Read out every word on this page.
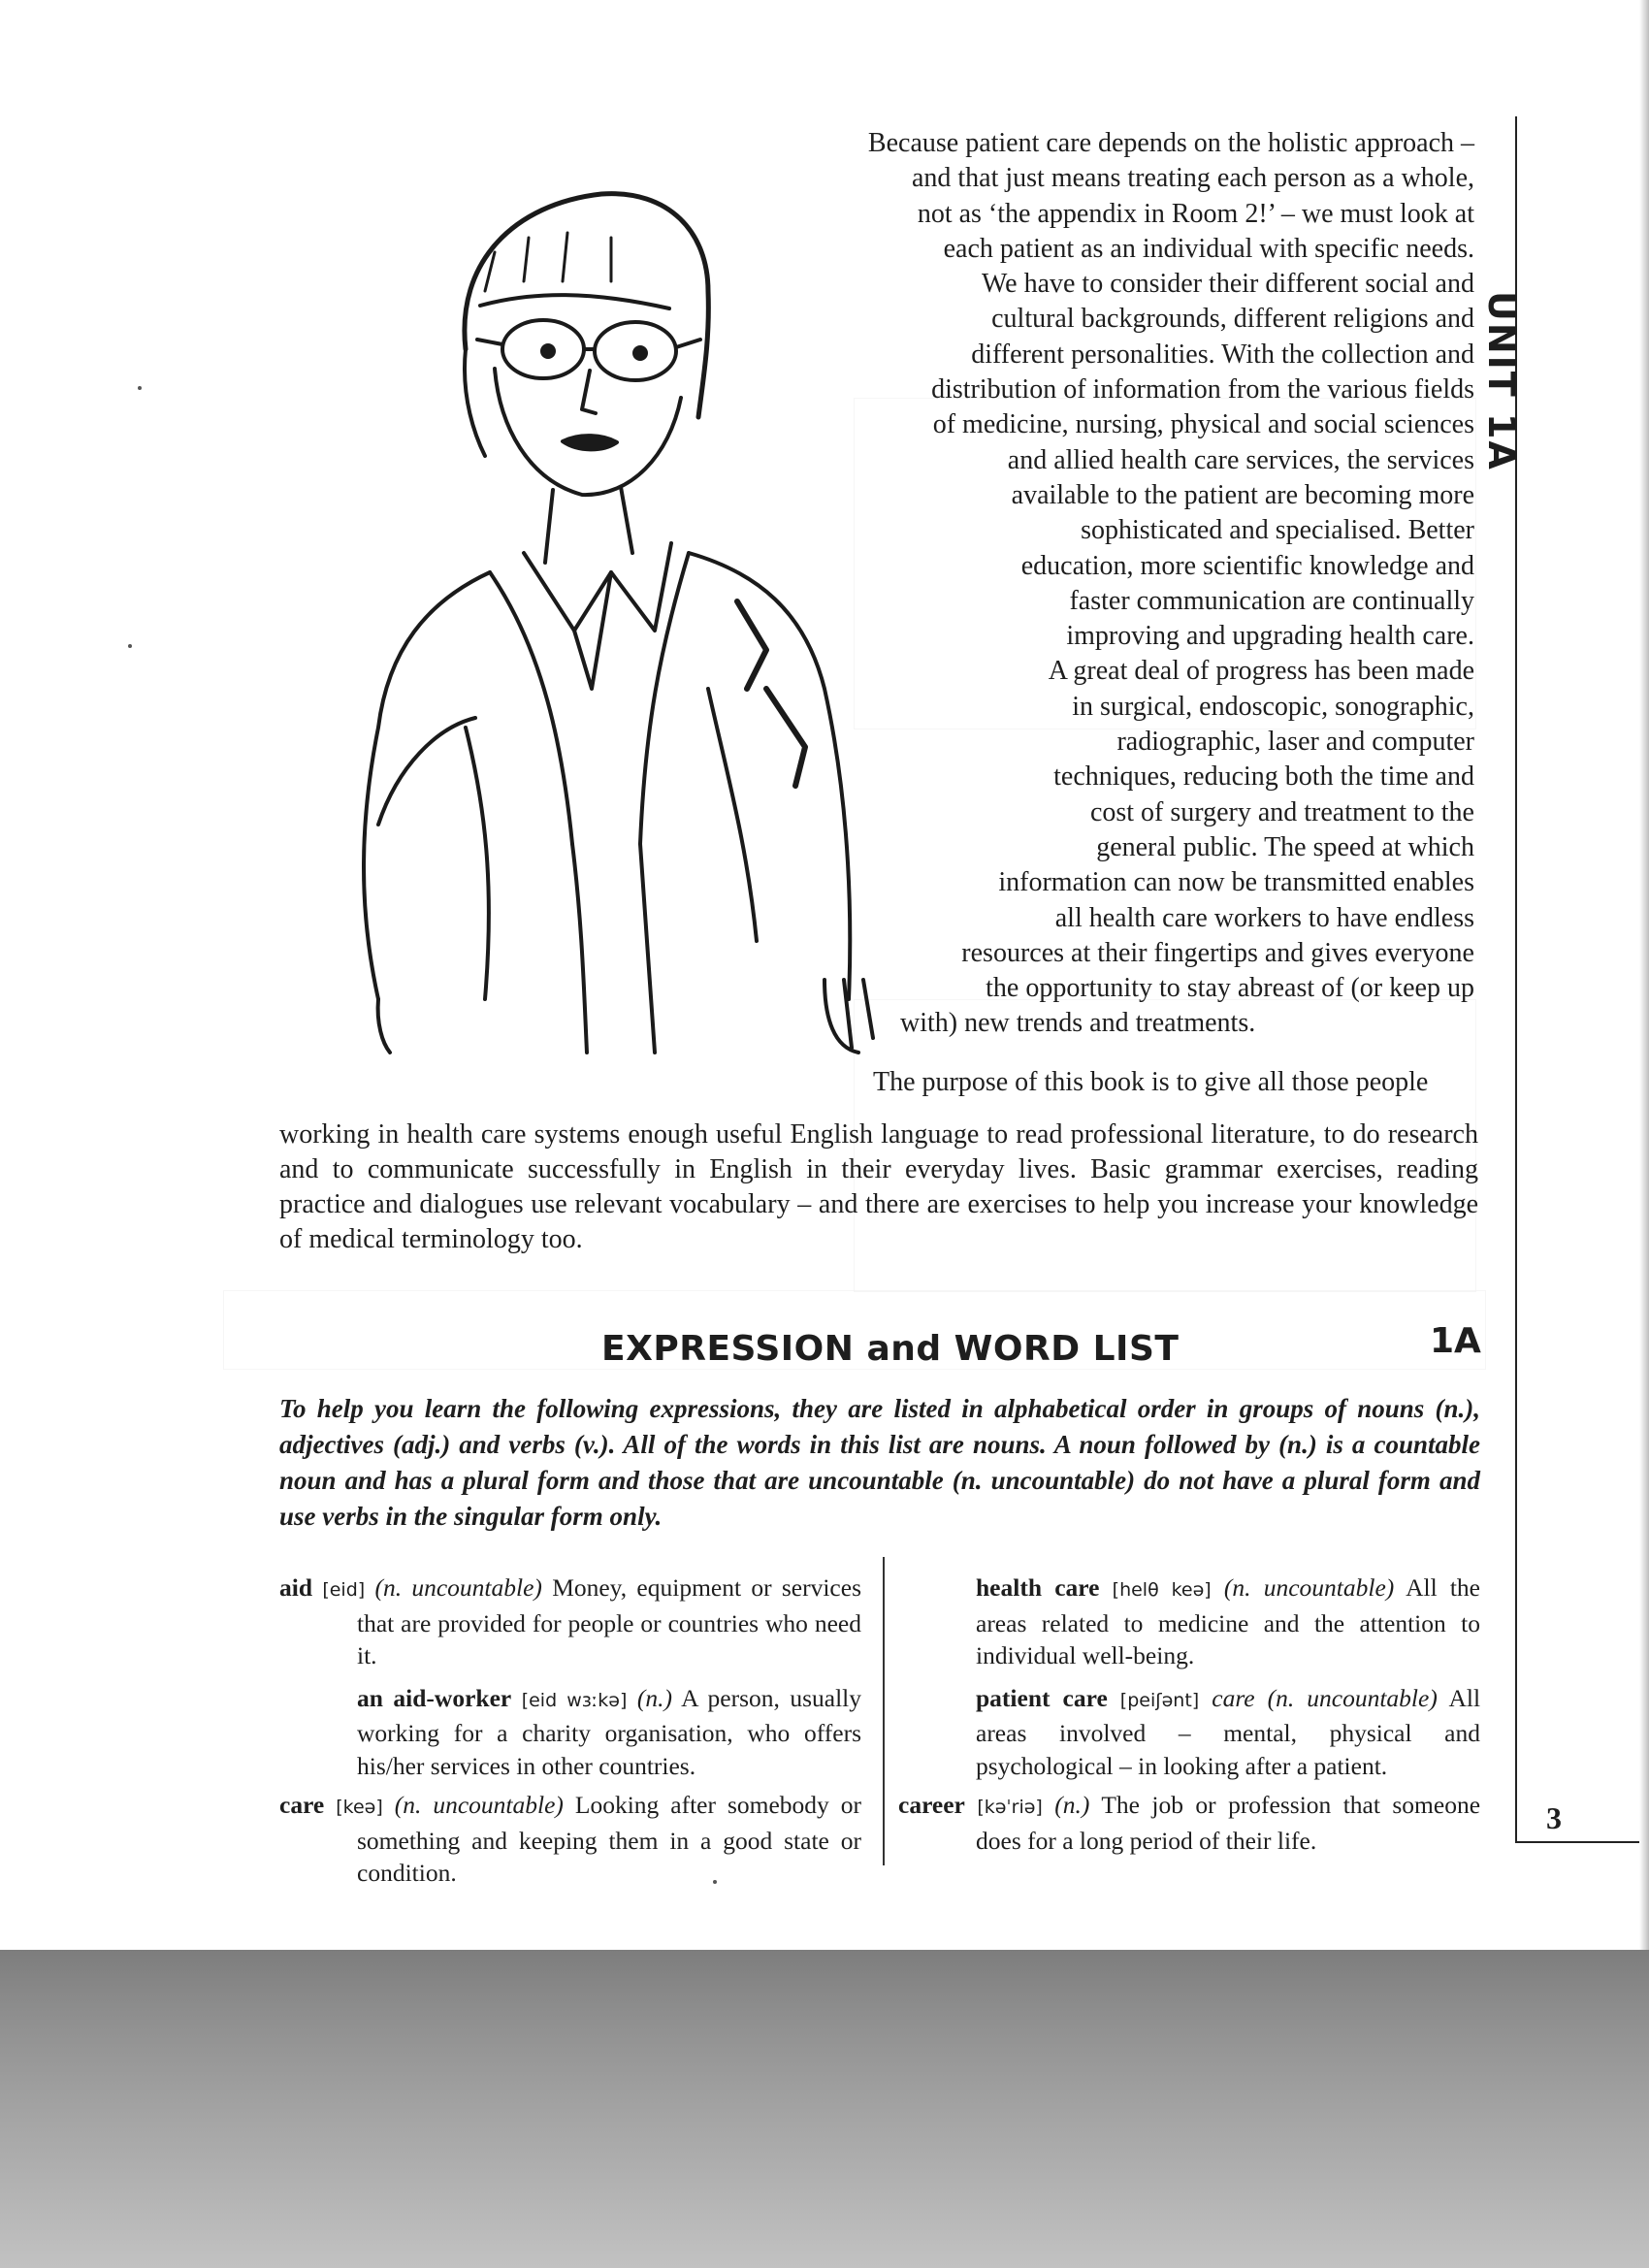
Because patient care depends on the holistic approach –
and that just means treating each person as a whole,
not as ‘the appendix in Room 2!’ – we must look at
each patient as an individual with specific needs.
We have to consider their different social and
cultural backgrounds, different religions and
different personalities. With the collection and
distribution of information from the various fields
of medicine, nursing, physical and social sciences
and allied health care services, the services
available to the patient are becoming more
sophisticated and specialised. Better
education, more scientific knowledge and
faster communication are continually
improving and upgrading health care.
A great deal of progress has been made
in surgical, endoscopic, sonographic,
radiographic, laser and computer
techniques, reducing both the time and
cost of surgery and treatment to the
general public. The speed at which
information can now be transmitted enables
all health care workers to have endless
resources at their fingertips and gives everyone
the opportunity to stay abreast of (or keep up
with) new trends and treatments.

The purpose of this book is to give all those people

working in health care systems enough useful English language to read professional literature, to do research and to communicate successfully in English in their everyday lives. Basic grammar exercises, reading practice and dialogues use relevant vocabulary – and there are exercises to help you increase your knowledge of medical terminology too.

EXPRESSION and WORD LIST	1A

To help you learn the following expressions, they are listed in alphabetical order in groups of nouns (n.), adjectives (adj.) and verbs (v.). All of the words in this list are nouns. A noun followed by (n.) is a countable noun and has a plural form and those that are uncountable (n. uncountable) do not have a plural form and use verbs in the singular form only.

aid [eid] (n. uncountable) Money, equipment or services that are provided for people or countries who need it.

an aid-worker [eid wɜːkə] (n.) A person, usually working for a charity organisation, who offers his/her services in other countries.

care [keə] (n. uncountable) Looking after somebody or something and keeping them in a good state or condition.

health care [helθ keə] (n. uncountable) All the areas related to medicine and the attention to individual well-being.

patient care [peiʃənt] care (n. uncountable) All areas involved – mental, physical and psychological – in looking after a patient.

career [kəˈriə] (n.) The job or profession that someone does for a long period of their life.

UNIT 1A
3
